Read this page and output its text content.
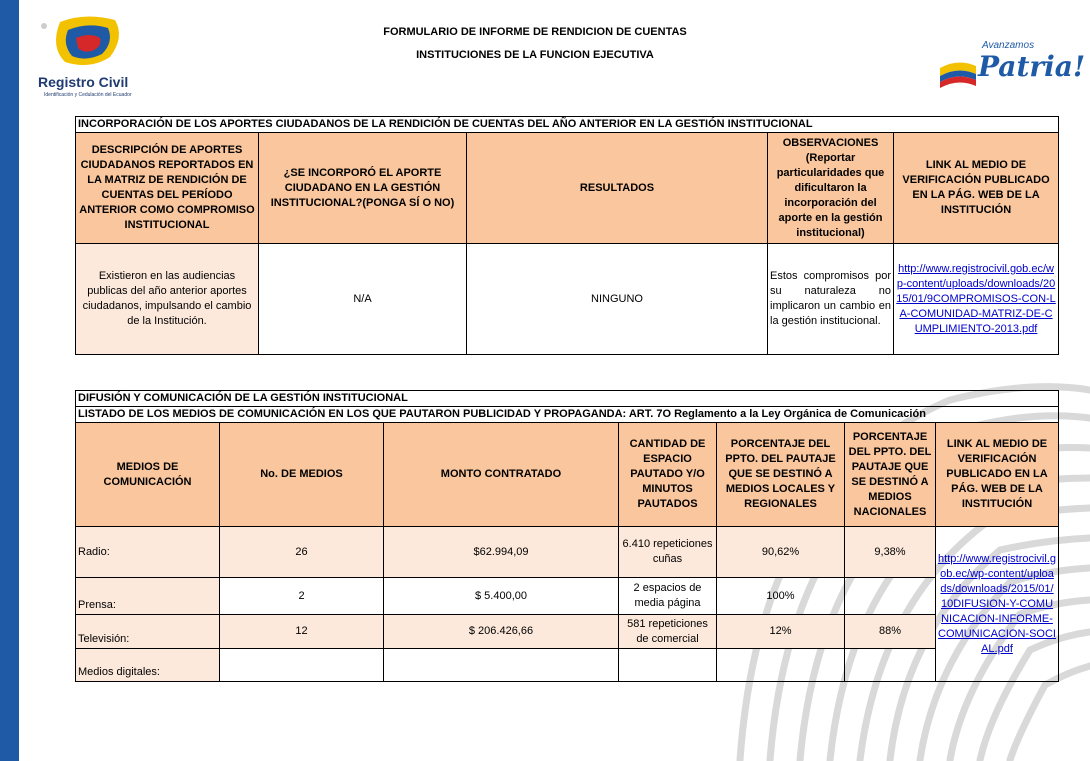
Registro Civil
Identificación y Cedulación del Ecuador
Avanzamos
Patria!
FORMULARIO DE INFORME DE RENDICION DE CUENTAS
INSTITUCIONES DE LA FUNCION EJECUTIVA
INCORPORACIÓN DE LOS APORTES CIUDADANOS DE LA RENDICIÓN DE CUENTAS DEL AÑO ANTERIOR EN LA GESTIÓN INSTITUCIONAL				
DESCRIPCIÓN DE APORTES CIUDADANOS REPORTADOS EN LA MATRIZ DE RENDICIÓN DE CUENTAS DEL PERÍODO ANTERIOR COMO COMPROMISO INSTITUCIONAL	¿SE INCORPORÓ EL APORTE CIUDADANO EN LA GESTIÓN INSTITUCIONAL?(PONGA SÍ O NO)	RESULTADOS	OBSERVACIONES (Reportar particularidades que dificultaron la incorporación del aporte en la gestión institucional)	LINK AL MEDIO DE VERIFICACIÓN PUBLICADO EN LA PÁG. WEB DE LA INSTITUCIÓN
Existieron en las audiencias publicas del año anterior aportes ciudadanos, impulsando el cambio de la Institución.	N/A	NINGUNO	Estos compromisos por su naturaleza no implicaron un cambio en la gestión institucional.	http://www.registrocivil.gob.ec/wp-content/uploads/downloads/2015/01/9COMPROMISOS-CON-LA-COMUNIDAD-MATRIZ-DE-CUMPLIMIENTO-2013.pdf
DIFUSIÓN Y COMUNICACIÓN DE LA GESTIÓN INSTITUCIONAL						
LISTADO DE LOS MEDIOS DE COMUNICACIÓN EN LOS QUE PAUTARON PUBLICIDAD Y PROPAGANDA: ART. 7O Reglamento a la Ley Orgánica de Comunicación						
MEDIOS DE COMUNICACIÓN	No. DE MEDIOS	MONTO CONTRATADO	CANTIDAD DE ESPACIO PAUTADO Y/O MINUTOS PAUTADOS	PORCENTAJE DEL PPTO. DEL PAUTAJE QUE SE DESTINÓ A MEDIOS LOCALES Y REGIONALES	PORCENTAJE DEL PPTO. DEL PAUTAJE QUE SE DESTINÓ A MEDIOS NACIONALES	LINK AL MEDIO DE VERIFICACIÓN PUBLICADO EN LA PÁG. WEB DE LA INSTITUCIÓN
Radio:	26	$62.994,09	6.410 repeticiones cuñas	90,62%	9,38%	http://www.registrocivil.gob.ec/wp-content/uploads/downloads/2015/01/10DIFUSION-Y-COMUNICACION-INFORME-COMUNICACION-SOCIAL.pdf
Prensa:	2	$ 5.400,00	2 espacios de media página	100%		
Televisión:	12	$ 206.426,66	581 repeticiones de comercial	12%	88%	
Medios digitales:						
